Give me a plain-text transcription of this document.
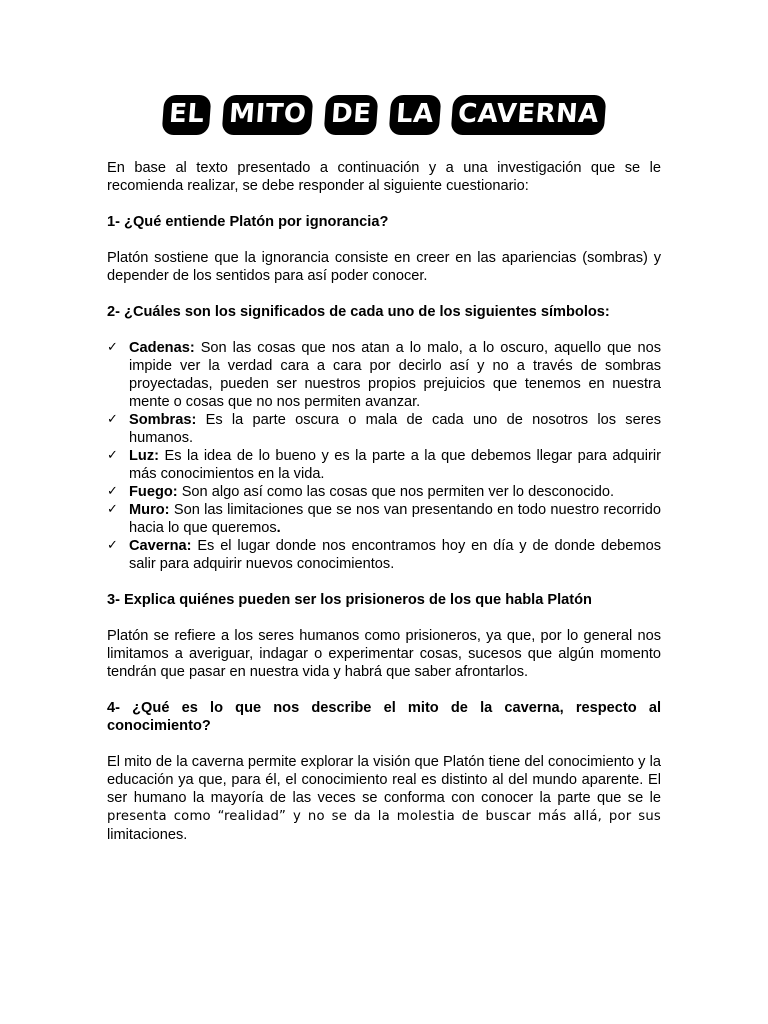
EL MITO DE LA CAVERNA

En base al texto presentado a continuación y a una investigación que se le recomienda realizar, se debe responder al siguiente cuestionario:

1- ¿Qué entiende Platón por ignorancia?

Platón sostiene que la ignorancia consiste en creer en las apariencias (sombras) y depender de los sentidos para así poder conocer.

2- ¿Cuáles son los significados de cada uno de los siguientes símbolos:

✓ Cadenas: Son las cosas que nos atan a lo malo, a lo oscuro, aquello que nos impide ver la verdad cara a cara por decirlo así y no a través de sombras proyectadas, pueden ser nuestros propios prejuicios que tenemos en nuestra mente o cosas que no nos permiten avanzar.
✓ Sombras: Es la parte oscura o mala de cada uno de nosotros los seres humanos.
✓ Luz: Es la idea de lo bueno y es la parte a la que debemos llegar para adquirir más conocimientos en la vida.
✓ Fuego: Son algo así como las cosas que nos permiten ver lo desconocido.
✓ Muro: Son las limitaciones que se nos van presentando en todo nuestro recorrido hacia lo que queremos.
✓ Caverna: Es el lugar donde nos encontramos hoy en día y de donde debemos salir para adquirir nuevos conocimientos.

3- Explica quiénes pueden ser los prisioneros de los que habla Platón

Platón se refiere a los seres humanos como prisioneros, ya que, por lo general nos limitamos a averiguar, indagar o experimentar cosas, sucesos que algún momento tendrán que pasar en nuestra vida y habrá que saber afrontarlos.

4- ¿Qué es lo que nos describe el mito de la caverna, respecto al conocimiento?

El mito de la caverna permite explorar la visión que Platón tiene del conocimiento y la educación ya que, para él, el conocimiento real es distinto al del mundo aparente. El ser humano la mayoría de las veces se conforma con conocer la parte que se le presenta como “realidad” y no se da la molestia de buscar más allá, por sus limitaciones.
